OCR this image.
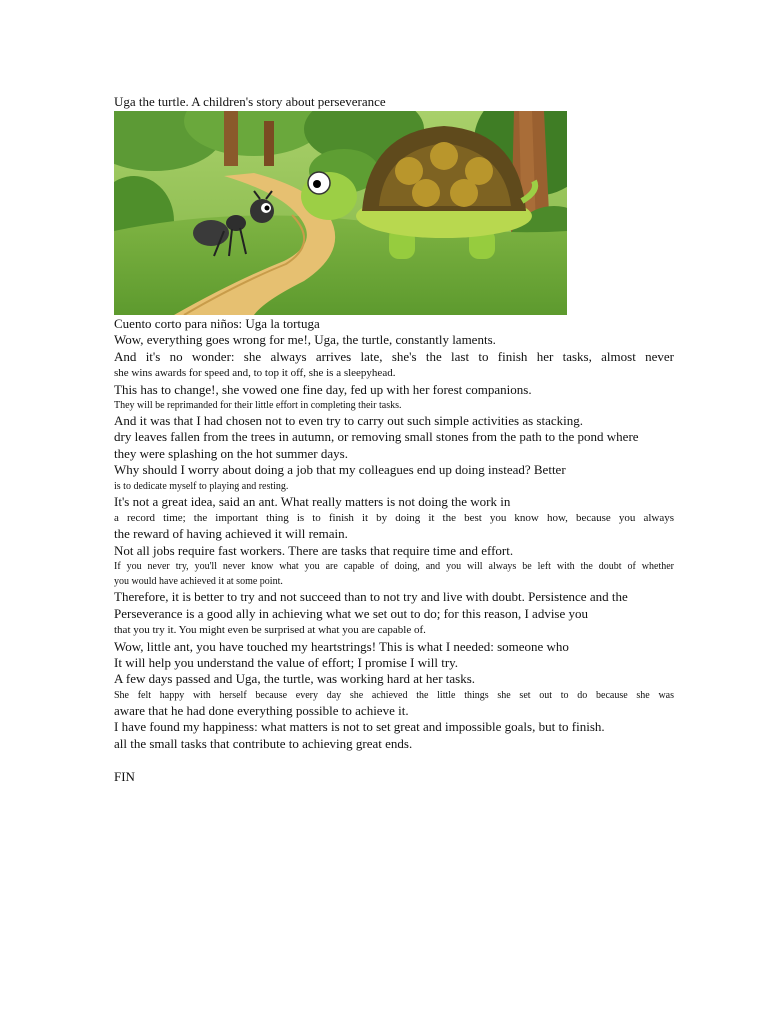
Uga the turtle. A children's story about perseverance

Cuento corto para niños: Uga la tortuga
Wow, everything goes wrong for me!, Uga, the turtle, constantly laments.
And it's no wonder: she always arrives late, she's the last to finish her tasks, almost never
she wins awards for speed and, to top it off, she is a sleepyhead.
This has to change!, she vowed one fine day, fed up with her forest companions.
They will be reprimanded for their little effort in completing their tasks.
And it was that I had chosen not to even try to carry out such simple activities as stacking.
dry leaves fallen from the trees in autumn, or removing small stones from the path to the pond where
they were splashing on the hot summer days.
Why should I worry about doing a job that my colleagues end up doing instead? Better
is to dedicate myself to playing and resting.
It's not a great idea, said an ant. What really matters is not doing the work in
a record time; the important thing is to finish it by doing it the best you know how, because you always
the reward of having achieved it will remain.
Not all jobs require fast workers. There are tasks that require time and effort.
If you never try, you'll never know what you are capable of doing, and you will always be left with the doubt of whether
you would have achieved it at some point.
Therefore, it is better to try and not succeed than to not try and live with doubt. Persistence and the
Perseverance is a good ally in achieving what we set out to do; for this reason, I advise you
that you try it. You might even be surprised at what you are capable of.
Wow, little ant, you have touched my heartstrings! This is what I needed: someone who
It will help you understand the value of effort; I promise I will try.
A few days passed and Uga, the turtle, was working hard at her tasks.
She felt happy with herself because every day she achieved the little things she set out to do because she was
aware that he had done everything possible to achieve it.
I have found my happiness: what matters is not to set great and impossible goals, but to finish.
all the small tasks that contribute to achieving great ends.

FIN
